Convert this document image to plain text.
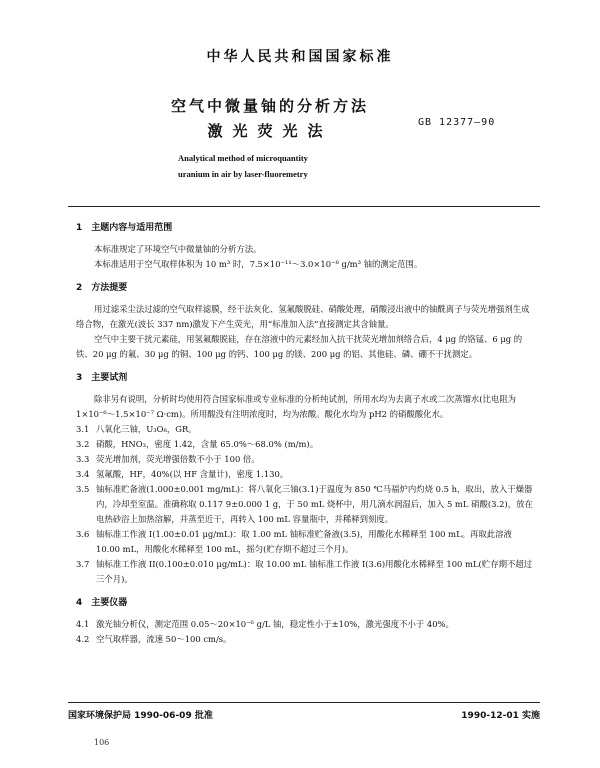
中华人民共和国国家标准
空气中微量铀的分析方法
激光荧光法	GB 12377—90
Analytical method of microquantity
uranium in air by laser-fluoremetry

1　主题内容与适用范围

本标准规定了环境空气中微量铀的分析方法。

本标准适用于空气取样体积为 10 m³ 时，7.5×10⁻¹¹～3.0×10⁻⁸ g/m³ 铀的测定范围。

2　方法提要

用过滤采尘法过滤的空气取样滤膜，经干法灰化、氢氟酸脱硅、硝酸处理，硝酸浸出液中的铀酰离子与荧光增强剂生成络合物，在激光(波长 337 nm)激发下产生荧光，用“标准加入法”直接测定其含铀量。

空气中主要干扰元素硅，用氢氟酸脱硅，存在溶液中的元素经加入抗干扰荧光增加剂络合后，4 μg 的铬锰、6 μg 的铁、20 μg 的氟、30 μg 的铜、100 μg 的钙、100 μg 的镁、200 μg 的铝、其他硅、磷、硼不干扰测定。

3　主要试剂

除非另有说明，分析时均使用符合国家标准或专业标准的分析纯试剂，所用水均为去离子水或二次蒸馏水(比电阻为 1×10⁻⁶～1.5×10⁻⁷ Ω·cm)。所用酸没有注明浓度时，均为浓酸。酸化水均为 pH2 的硝酸酸化水。

3.1 八氧化三铀，U₃O₈，GR。
3.2 硝酸，HNO₃，密度 1.42，含量 65.0%～68.0% (m/m)。
3.3 荧光增加剂，荧光增强倍数不小于 100 倍。
3.4 氢氟酸，HF，40%(以 HF 含量计)，密度 1.130。
3.5 铀标准贮备液(1.000±0.001 mg/mL)：将八氧化三铀(3.1)于温度为 850 ℃马福炉内灼烧 0.5 h，取出，放入干燥器内，冷却至室温。准确称取 0.117 9±0.000 1 g，于 50 mL 烧杯中，用几滴水润湿后，加入 5 mL 硝酸(3.2)，放在电热砂浴上加热溶解，并蒸至近干，再转入 100 mL 容量瓶中，并稀释到刻度。
3.6 铀标准工作液 I(1.00±0.01 μg/mL)：取 1.00 mL 铀标准贮备液(3.5)，用酸化水稀释至 100 mL。再取此溶液 10.00 mL，用酸化水稀释至 100 mL，摇匀(贮存期不超过三个月)。
3.7 铀标准工作液 II(0.100±0.010 μg/mL)：取 10.00 mL 铀标准工作液 I(3.6)用酸化水稀释至 100 mL(贮存期不超过三个月)。

4　主要仪器

4.1 激光铀分析仪，测定范围 0.05～20×10⁻⁶ g/L 铀，稳定性小于±10%，激光强度不小于 40%。
4.2 空气取样器，流速 50～100 cm/s。
国家环境保护局 1990-06-09 批准	1990-12-01 实施
106
